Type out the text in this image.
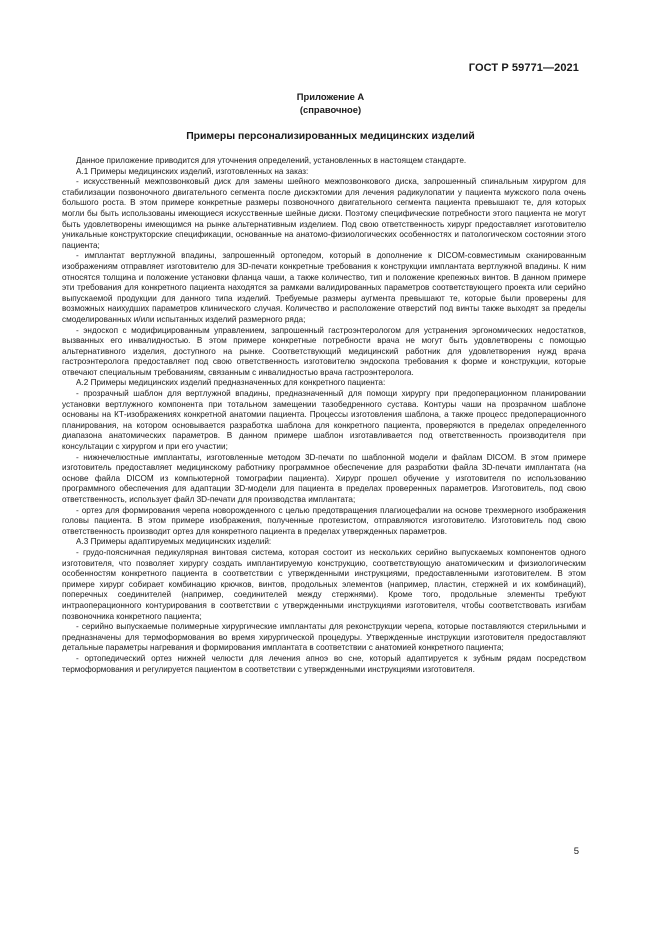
ГОСТ Р 59771—2021
Приложение А
(справочное)
Примеры персонализированных медицинских изделий

Данное приложение приводится для уточнения определений, установленных в настоящем стандарте.

А.1 Примеры медицинских изделий, изготовленных на заказ:

- искусственный межпозвонковый диск для замены шейного межпозвонкового диска, запрошенный спинальным хирургом для стабилизации позвоночного двигательного сегмента после дискэктомии для лечения радикулопатии у пациента мужского пола очень большого роста. В этом примере конкретные размеры позвоночного двигательного сегмента пациента превышают те, для которых могли бы быть использованы имеющиеся искусственные шейные диски. Поэтому специфические потребности этого пациента не могут быть удовлетворены имеющимся на рынке альтернативным изделием. Под свою ответственность хирург предоставляет изготовителю уникальные конструкторские спецификации, основанные на анатомо-физиологических особенностях и патологическом состоянии этого пациента;

- имплантат вертлужной впадины, запрошенный ортопедом, который в дополнение к DICOM-совместимым сканированным изображениям отправляет изготовителю для 3D-печати конкретные требования к конструкции имплантата вертлужной впадины. К ним относятся толщина и положение установки фланца чаши, а также количество, тип и положение крепежных винтов. В данном примере эти требования для конкретного пациента находятся за рамками валидированных параметров соответствующего проекта или серийно выпускаемой продукции для данного типа изделий. Требуемые размеры аугмента превышают те, которые были проверены для возможных наихудших параметров клинического случая. Количество и расположение отверстий под винты также выходят за пределы смоделированных и/или испытанных изделий размерного ряда;

- эндоскоп с модифицированным управлением, запрошенный гастроэнтерологом для устранения эргономических недостатков, вызванных его инвалидностью. В этом примере конкретные потребности врача не могут быть удовлетворены с помощью альтернативного изделия, доступного на рынке. Соответствующий медицинский работник для удовлетворения нужд врача гастроэнтеролога предоставляет под свою ответственность изготовителю эндоскопа требования к форме и конструкции, которые отвечают специальным требованиям, связанным с инвалидностью врача гастроэнтеролога.

А.2 Примеры медицинских изделий предназначенных для конкретного пациента:

- прозрачный шаблон для вертлужной впадины, предназначенный для помощи хирургу при предоперационном планировании установки вертлужного компонента при тотальном замещении тазобедренного сустава. Контуры чаши на прозрачном шаблоне основаны на КТ-изображениях конкретной анатомии пациента. Процессы изготовления шаблона, а также процесс предоперационного планирования, на котором основывается разработка шаблона для конкретного пациента, проверяются в пределах определенного диапазона анатомических параметров. В данном примере шаблон изготавливается под ответственность производителя при консультации с хирургом и при его участии;

- нижнечелюстные имплантаты, изготовленные методом 3D-печати по шаблонной модели и файлам DICOM. В этом примере изготовитель предоставляет медицинскому работнику программное обеспечение для разработки файла 3D-печати имплантата (на основе файла DICOM из компьютерной томографии пациента). Хирург прошел обучение у изготовителя по использованию программного обеспечения для адаптации 3D-модели для пациента в пределах проверенных параметров. Изготовитель, под свою ответственность, использует файл 3D-печати для производства имплантата;

- ортез для формирования черепа новорожденного с целью предотвращения плагиоцефалии на основе трехмерного изображения головы пациента. В этом примере изображения, полученные протезистом, отправляются изготовителю. Изготовитель под свою ответственность производит ортез для конкретного пациента в пределах утвержденных параметров.

А.3 Примеры адаптируемых медицинских изделий:

- грудо-поясничная педикулярная винтовая система, которая состоит из нескольких серийно выпускаемых компонентов одного изготовителя, что позволяет хирургу создать имплантируемую конструкцию, соответствующую анатомическим и физиологическим особенностям конкретного пациента в соответствии с утвержденными инструкциями, предоставленными изготовителем. В этом примере хирург собирает комбинацию крючков, винтов, продольных элементов (например, пластин, стержней и их комбинаций), поперечных соединителей (например, соединителей между стержнями). Кроме того, продольные элементы требуют интраоперационного контурирования в соответствии с утвержденными инструкциями изготовителя, чтобы соответствовать изгибам позвоночника конкретного пациента;

- серийно выпускаемые полимерные хирургические имплантаты для реконструкции черепа, которые поставляются стерильными и предназначены для термоформования во время хирургической процедуры. Утвержденные инструкции изготовителя предоставляют детальные параметры нагревания и формирования имплантата в соответствии с анатомией конкретного пациента;

- ортопедический ортез нижней челюсти для лечения апноэ во сне, который адаптируется к зубным рядам посредством термоформования и регулируется пациентом в соответствии с утвержденными инструкциями изготовителя.

5
